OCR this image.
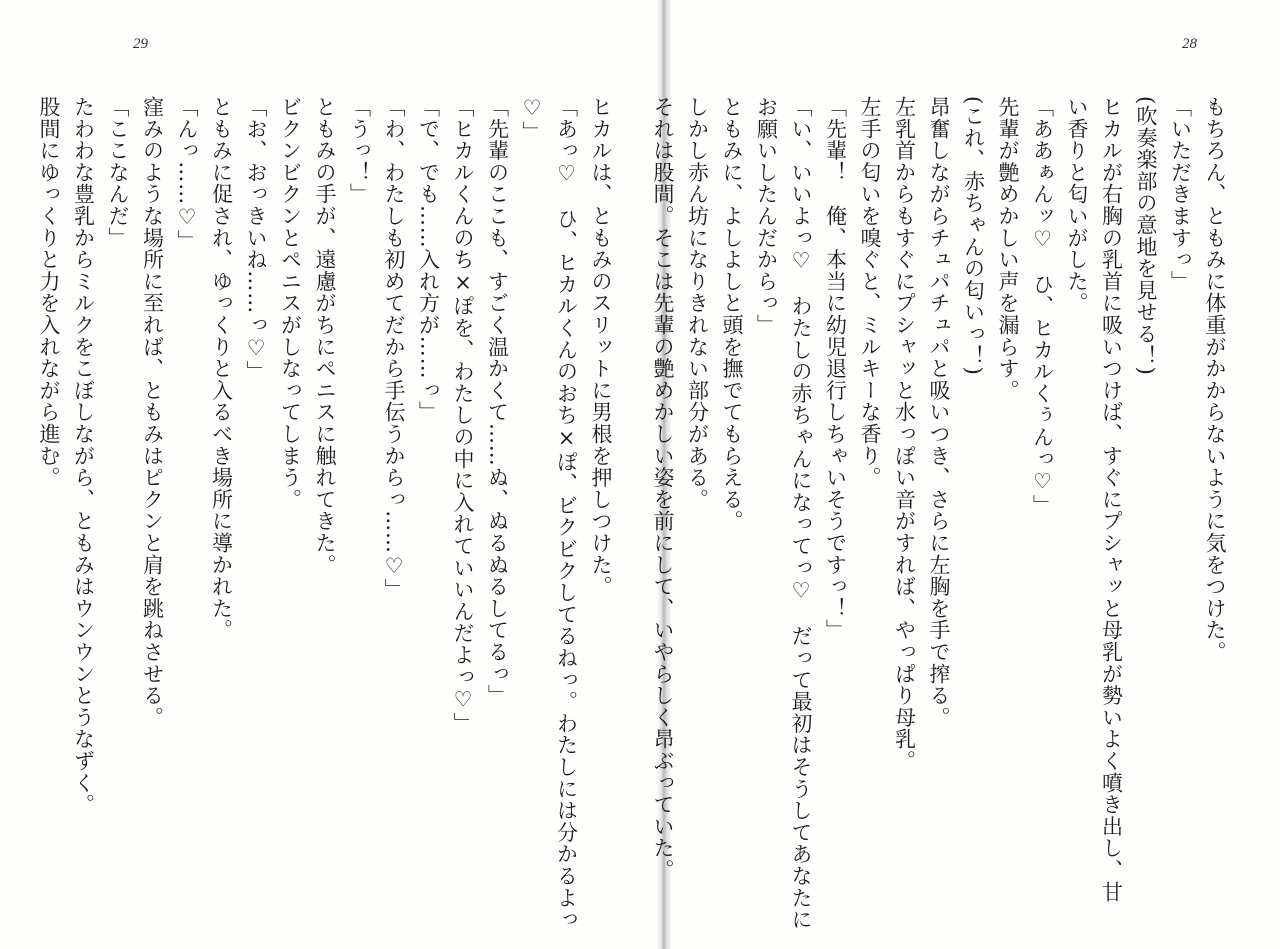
29
ヒカルは、ともみのスリットに男根を押しつけた。
「あっ♡　ひ、ヒカルくんのおち×ぽ、ビクビクしてるねっ。わたしには分かるよっ
♡」
「先輩のここも、すごく温かくて……ぬ、ぬるぬるしてるっ」
「ヒカルくんのち×ぽを、わたしの中に入れていいんだよっ♡」
「で、でも……入れ方が……っ」
「わ、わたしも初めてだから手伝うからっ……♡」
「うっ！」
ともみの手が、遠慮がちにペニスに触れてきた。
ビクンビクンとペニスがしなってしまう。
「お、おっきいね……っ♡」
ともみに促され、ゆっくりと入るべき場所に導かれた。
「んっ……♡」
窪みのような場所に至れば、ともみはピクンと肩を跳ねさせる。
「ここなんだ」
たわわな豊乳からミルクをこぼしながら、ともみはウンウンとうなずく。
股間にゆっくりと力を入れながら進む。
28
もちろん、ともみに体重がかからないように気をつけた。
「いただきますっ」
(吹奏楽部の意地を見せる！)
ヒカルが右胸の乳首に吸いつけば、すぐにプシャッと母乳が勢いよく噴き出し、甘
い香りと匂いがした。
「ああぁんッ♡　ひ、ヒカルくぅんっ♡」
先輩が艶めかしい声を漏らす。
(これ、赤ちゃんの匂いっ！)
昂奮しながらチュパチュパと吸いつき、さらに左胸を手で搾る。
左乳首からもすぐにプシャッと水っぽい音がすれば、やっぱり母乳。
左手の匂いを嗅ぐと、ミルキーな香り。
「先輩！　俺、本当に幼児退行しちゃいそうですっ！」
「い、いいよっ♡　わたしの赤ちゃんになってっ♡　だって最初はそうしてあなたに
お願いしたんだからっ」
ともみに、よしよしと頭を撫でてもらえる。
しかし赤ん坊になりきれない部分がある。
それは股間。そこは先輩の艶めかしい姿を前にして、いやらしく昂ぶっていた。
